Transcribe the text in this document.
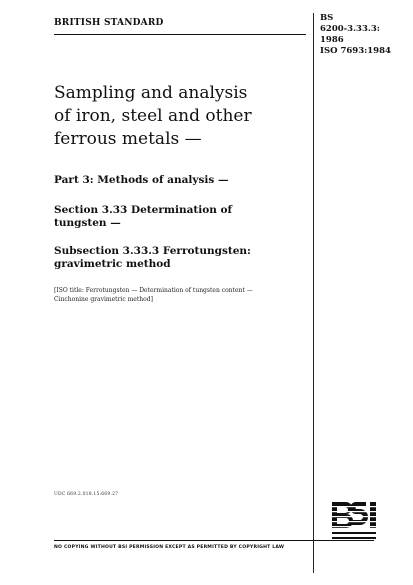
BRITISH STANDARD	BS
6200-3.33.3:
1986
ISO 7693:1984
Sampling and analysis
of iron, steel and other
ferrous metals —
Part 3: Methods of analysis —
Section 3.33 Determination of
tungsten —
Subsection 3.33.3 Ferrotungsten:
gravimetric method
[ISO title: Ferrotungsten — Determination of tungsten content —
Cinchonine gravimetric method]
UDC 669.2.018.15:669.27
NO COPYING WITHOUT BSI PERMISSION EXCEPT AS PERMITTED BY COPYRIGHT LAW
